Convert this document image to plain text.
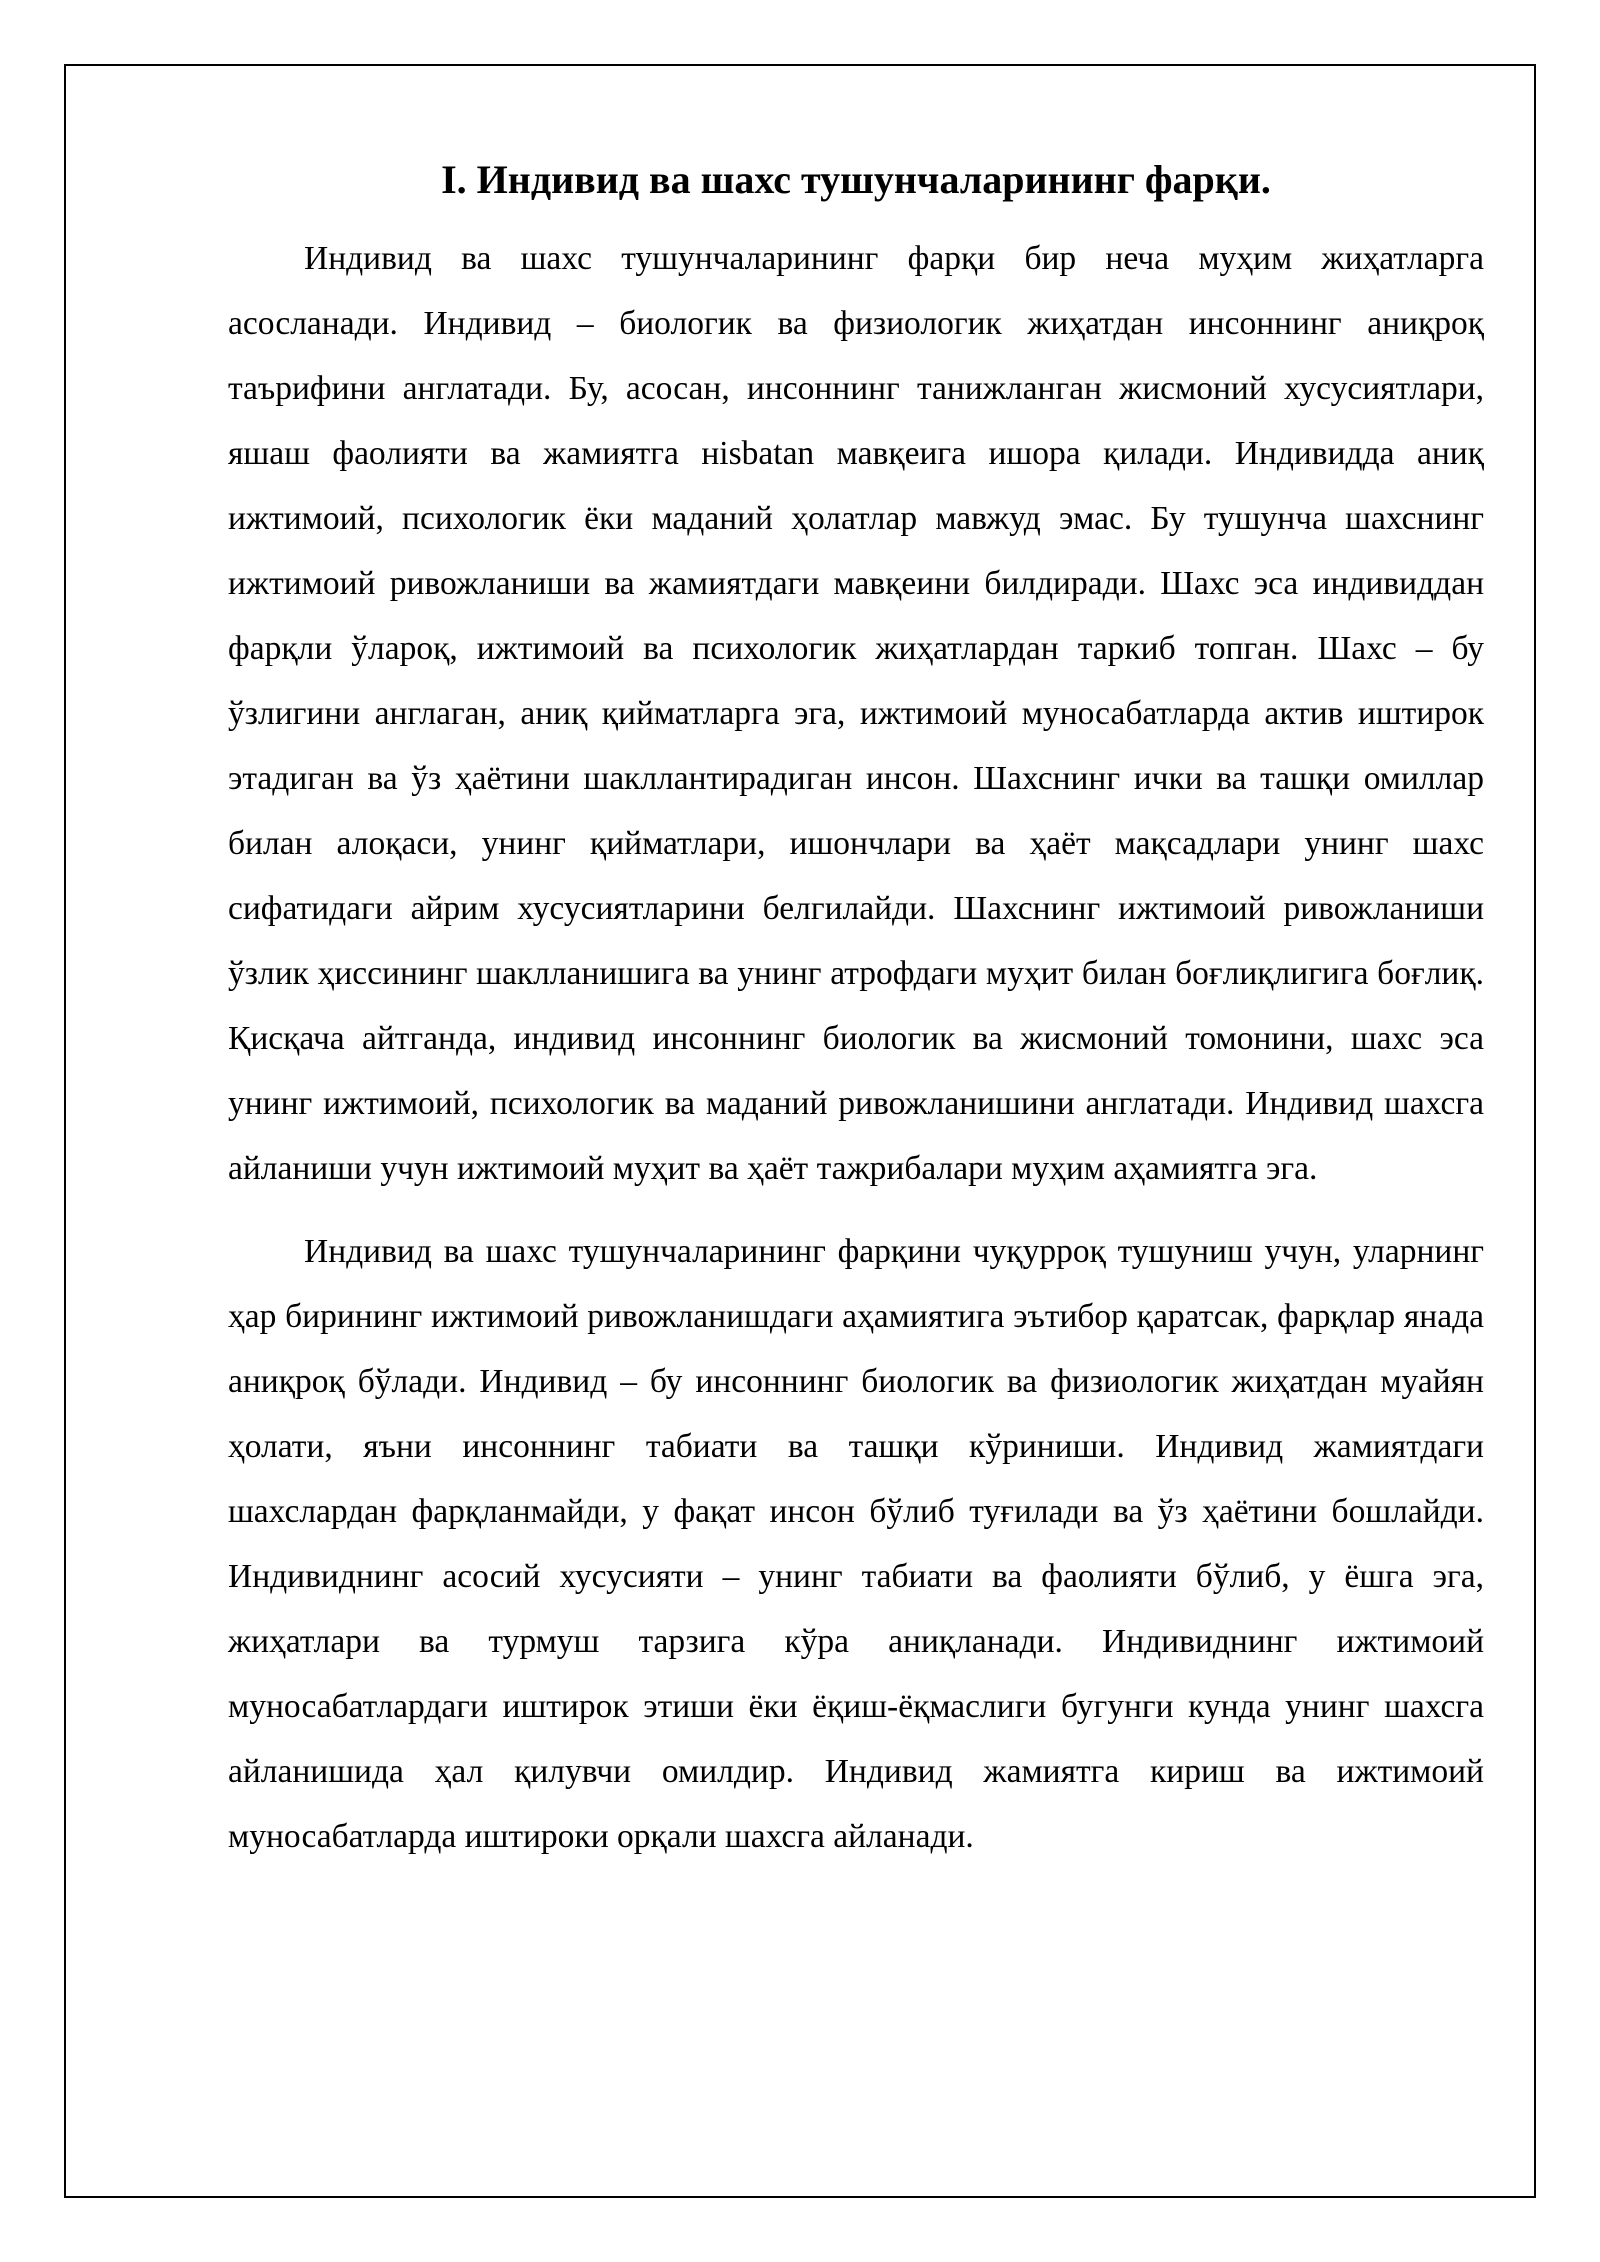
I. Индивид ва шахс тушунчаларининг фарқи.

Индивид ва шахс тушунчаларининг фарқи бир неча муҳим жиҳатларга асосланади. Индивид – биологик ва физиологик жиҳатдан инсоннинг аниқроқ таърифини англатади. Бу, асосан, инсоннинг танижланган жисмоний хусусиятлари, яшаш фаолияти ва жамиятга нisbatan мавқеига ишора қилади. Индивидда аниқ ижтимоий, психологик ёки маданий ҳолатлар мавжуд эмас. Бу тушунча шахснинг ижтимоий ривожланиши ва жамиятдаги мавқеини билдиради. Шахс эса индивиддан фарқли ўлароқ, ижтимоий ва психологик жиҳатлардан таркиб топган. Шахс – бу ўзлигини англаган, аниқ қийматларга эга, ижтимоий муносабатларда актив иштирок этадиган ва ўз ҳаётини шакллантирадиган инсон. Шахснинг ички ва ташқи омиллар билан алоқаси, унинг қийматлари, ишончлари ва ҳаёт мақсадлари унинг шахс сифатидаги айрим хусусиятларини белгилайди. Шахснинг ижтимоий ривожланиши ўзлик ҳиссининг шаклланишига ва унинг атрофдаги муҳит билан боғлиқлигига боғлиқ. Қисқача айтганда, индивид инсоннинг биологик ва жисмоний томонини, шахс эса унинг ижтимоий, психологик ва маданий ривожланишини англатади. Индивид шахсга айланиши учун ижтимоий муҳит ва ҳаёт тажрибалари муҳим аҳамиятга эга.

Индивид ва шахс тушунчаларининг фарқини чуқурроқ тушуниш учун, уларнинг ҳар бирининг ижтимоий ривожланишдаги аҳамиятига эътибор қаратсак, фарқлар янада аниқроқ бўлади. Индивид – бу инсоннинг биологик ва физиологик жиҳатдан муайян ҳолати, яъни инсоннинг табиати ва ташқи кўриниши. Индивид жамиятдаги шахслардан фарқланмайди, у фақат инсон бўлиб туғилади ва ўз ҳаётини бошлайди. Индивиднинг асосий хусусияти – унинг табиати ва фаолияти бўлиб, у ёшга эга, жиҳатлари ва турмуш тарзига кўра аниқланади. Индивиднинг ижтимоий муносабатлардаги иштирок этиши ёки ёқиш-ёқмаслиги бугунги кунда унинг шахсга айланишида ҳал қилувчи омилдир. Индивид жамиятга кириш ва ижтимоий муносабатларда иштироки орқали шахсга айланади.
